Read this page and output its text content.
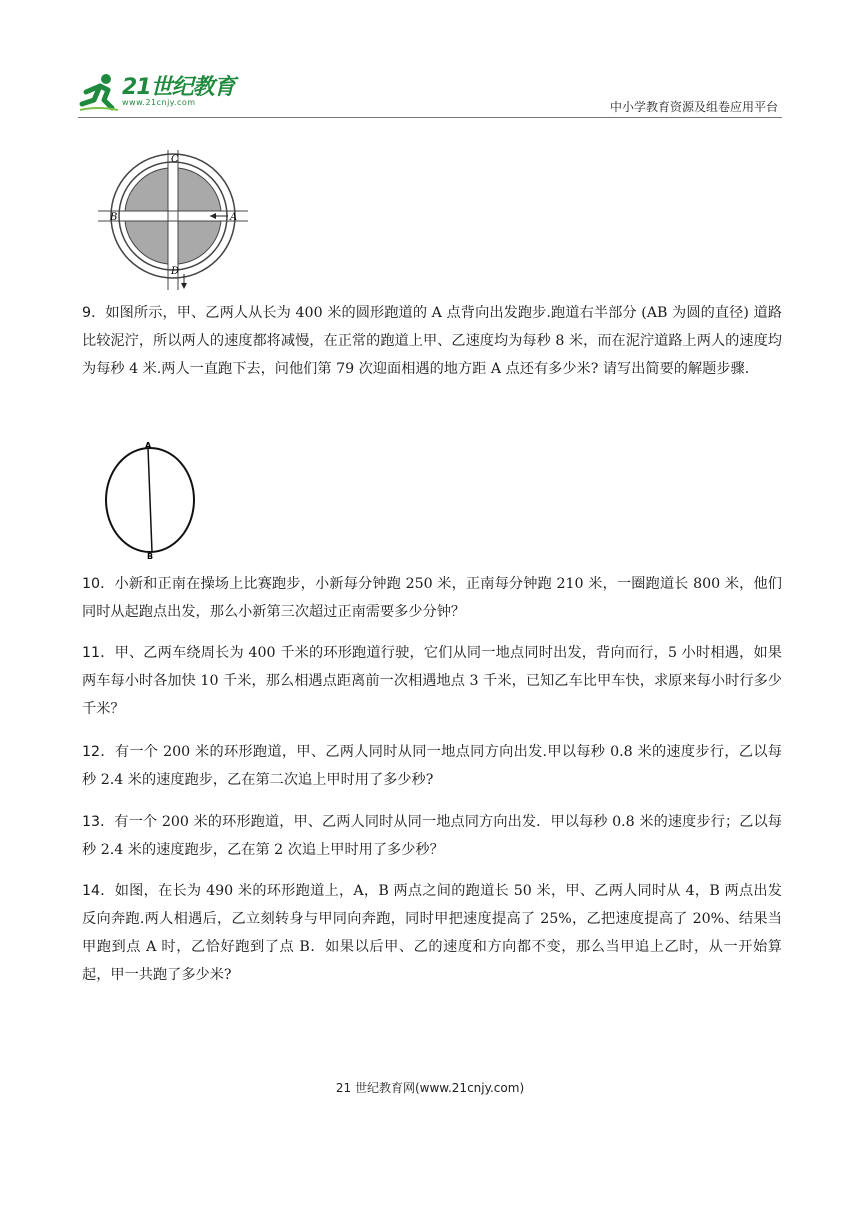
21世纪教育
www.21cnjy.com	中小学教育资源及组卷应用平台
C
D
B	A
9．如图所示，甲、乙两人从长为 400 米的圆形跑道的 A 点背向出发跑步.跑道右半部分 (AB 为圆的直径) 道路比较泥泞，所以两人的速度都将减慢，在正常的跑道上甲、乙速度均为每秒 8 米，而在泥泞道路上两人的速度均为每秒 4 米.两人一直跑下去，问他们第 79 次迎面相遇的地方距 A 点还有多少米? 请写出简要的解题步骤.
A
B
10．小新和正南在操场上比赛跑步，小新每分钟跑 250 米，正南每分钟跑 210 米，一圈跑道长 800 米，他们同时从起跑点出发，那么小新第三次超过正南需要多少分钟？
11．甲、乙两车绕周长为 400 千米的环形跑道行驶，它们从同一地点同时出发，背向而行，5 小时相遇，如果两车每小时各加快 10 千米，那么相遇点距离前一次相遇地点 3 千米，已知乙车比甲车快，求原来每小时行多少千米？
12．有一个 200 米的环形跑道，甲、乙两人同时从同一地点同方向出发.甲以每秒 0.8 米的速度步行，乙以每秒 2.4 米的速度跑步，乙在第二次追上甲时用了多少秒?
13．有一个 200 米的环形跑道，甲、乙两人同时从同一地点同方向出发．甲以每秒 0.8 米的速度步行；乙以每秒 2.4 米的速度跑步，乙在第 2 次追上甲时用了多少秒？
14．如图，在长为 490 米的环形跑道上，A，B 两点之间的跑道长 50 米，甲、乙两人同时从 4，B 两点出发反向奔跑.两人相遇后，乙立刻转身与甲同向奔跑，同时甲把速度提高了 25%，乙把速度提高了 20%、结果当甲跑到点 A 时，乙恰好跑到了点 B．如果以后甲、乙的速度和方向都不变，那么当甲追上乙时，从一开始算起，甲一共跑了多少米?
21 世纪教育网(www.21cnjy.com)
